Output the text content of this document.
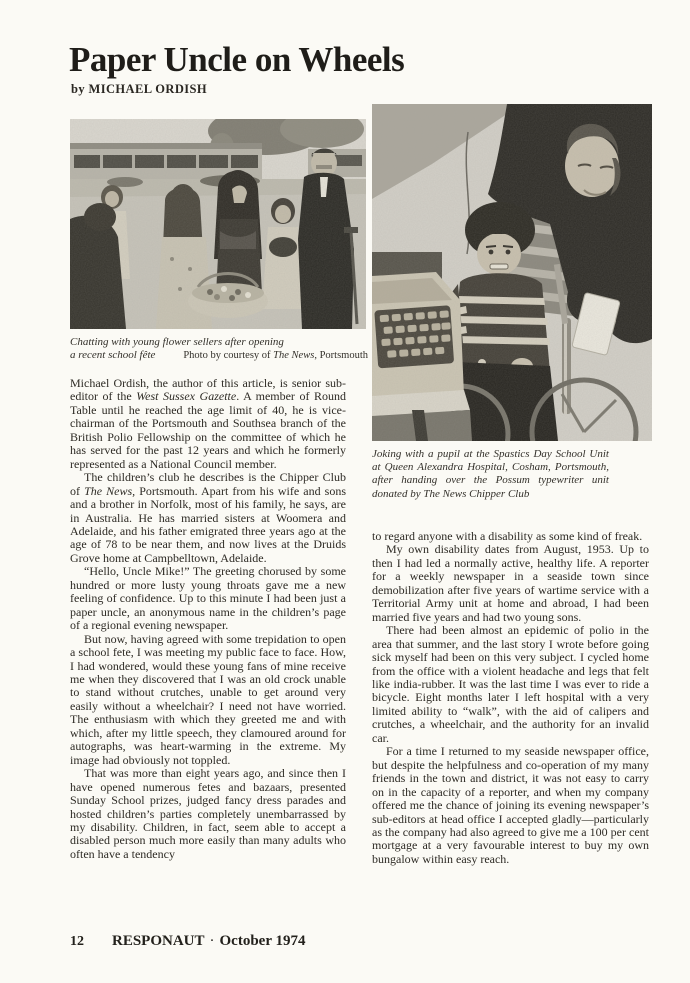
Paper Uncle on Wheels
by MICHAEL ORDISH
Chatting with young flower sellers after opening
a recent school fête	Photo by courtesy of The News, Portsmouth

Michael Ordish, the author of this article, is senior sub-editor of the West Sussex Gazette. A member of Round Table until he reached the age limit of 40, he is vice-chairman of the Portsmouth and Southsea branch of the British Polio Fellowship on the committee of which he has served for the past 12 years and which he formerly represented as a National Council member.

The children’s club he describes is the Chipper Club of The News, Portsmouth. Apart from his wife and sons and a brother in Norfolk, most of his family, he says, are in Australia. He has married sisters at Woomera and Adelaide, and his father emigrated three years ago at the age of 78 to be near them, and now lives at the Druids Grove home at Campbelltown, Adelaide.

“Hello, Uncle Mike!” The greeting chorused by some hundred or more lusty young throats gave me a new feeling of confidence. Up to this minute I had been just a paper uncle, an anonymous name in the children’s page of a regional evening newspaper.

But now, having agreed with some trepidation to open a school fete, I was meeting my public face to face. How, I had wondered, would these young fans of mine receive me when they discovered that I was an old crock unable to stand without crutches, unable to get around very easily without a wheelchair? I need not have worried. The enthusiasm with which they greeted me and with which, after my little speech, they clamoured around for autographs, was heart-warming in the extreme. My image had obviously not toppled.

That was more than eight years ago, and since then I have opened numerous fetes and bazaars, presented Sunday School prizes, judged fancy dress parades and hosted children’s parties completely unembarrassed by my disability. Children, in fact, seem able to accept a disabled person much more easily than many adults who often have a tendency

Joking with a pupil at the Spastics Day School Unit at Queen Alexandra Hospital, Cosham, Portsmouth, after handing over the Possum typewriter unit donated by The News Chipper Club

to regard anyone with a disability as some kind of freak.

My own disability dates from August, 1953. Up to then I had led a normally active, healthy life. A reporter for a weekly newspaper in a seaside town since demobilization after five years of wartime service with a Territorial Army unit at home and abroad, I had been married five years and had two young sons.

There had been almost an epidemic of polio in the area that summer, and the last story I wrote before going sick myself had been on this very subject. I cycled home from the office with a violent headache and legs that felt like india-rubber. It was the last time I was ever to ride a bicycle. Eight months later I left hospital with a very limited ability to “walk”, with the aid of calipers and crutches, a wheelchair, and the authority for an invalid car.

For a time I returned to my seaside newspaper office, but despite the helpfulness and co-operation of my many friends in the town and district, it was not easy to carry on in the capacity of a reporter, and when my company offered me the chance of joining its evening newspaper’s sub-editors at head office I accepted gladly—particularly as the company had also agreed to give me a 100 per cent mortgage at a very favourable interest to buy my own bungalow within easy reach.

12	RESPONAUT · October 1974
